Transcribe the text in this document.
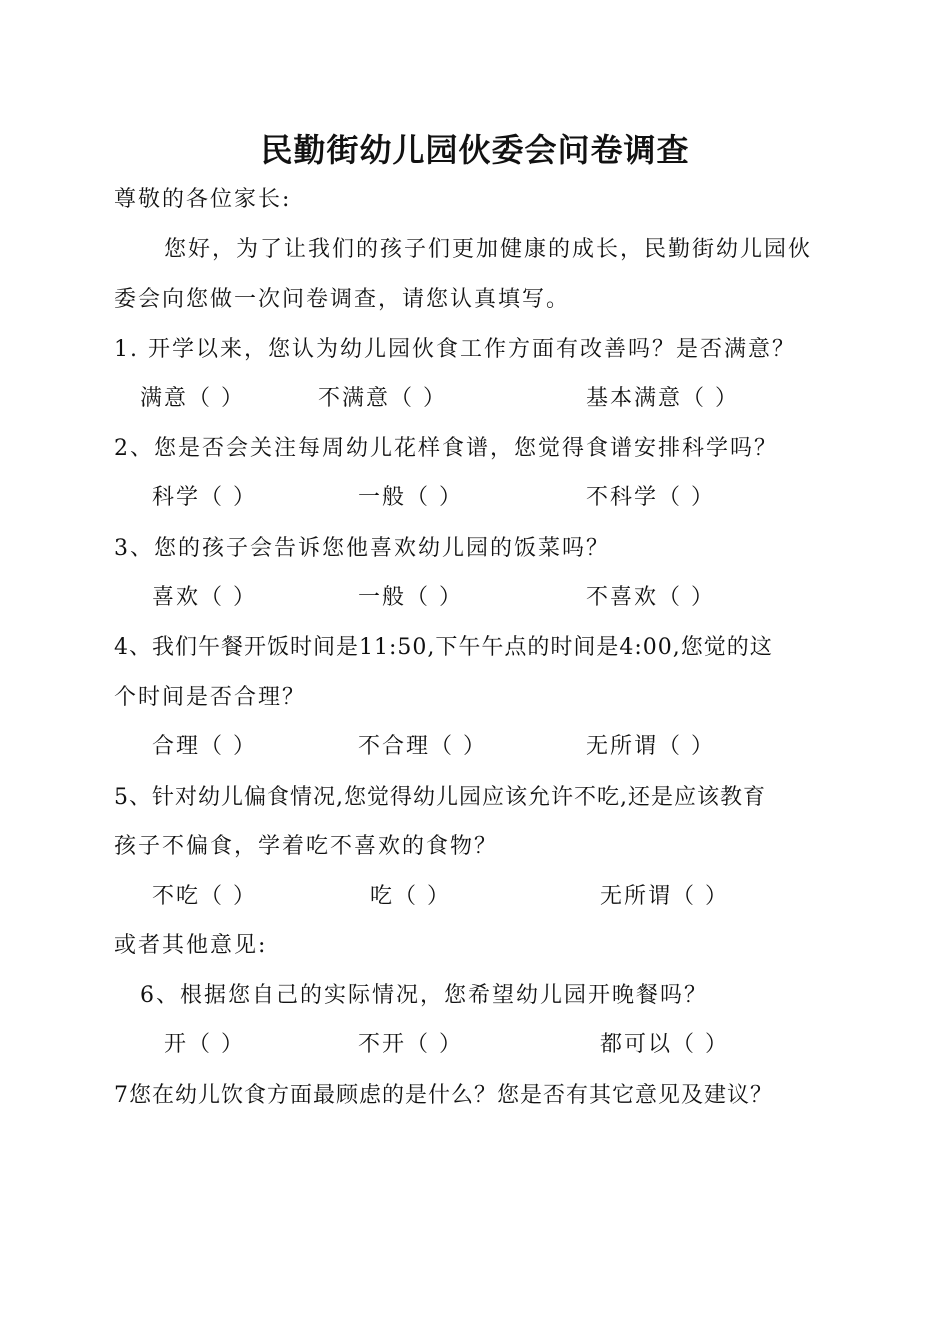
民勤街幼儿园伙委会问卷调查
尊敬的各位家长:
您好，为了让我们的孩子们更加健康的成长，民勤街幼儿园伙
委会向您做一次问卷调查，请您认真填写。
1. 开学以来，您认为幼儿园伙食工作方面有改善吗？是否满意？
满意（ ）	不满意（ ）	基本满意（ ）
2、您是否会关注每周幼儿花样食谱，您觉得食谱安排科学吗？
科学（ ）	一般（ ）	不科学（ ）
3、您的孩子会告诉您他喜欢幼儿园的饭菜吗？
喜欢（ ）	一般（ ）	不喜欢（ ）
4、我们午餐开饭时间是11:50,下午午点的时间是4:00,您觉的这
个时间是否合理？
合理（ ）	不合理（ ）	无所谓（ ）
5、针对幼儿偏食情况,您觉得幼儿园应该允许不吃,还是应该教育
孩子不偏食，学着吃不喜欢的食物？
不吃（ ）	吃（ ）	无所谓（ ）
或者其他意见:
6、根据您自己的实际情况，您希望幼儿园开晚餐吗？
开（ ）	不开（ ）	都可以（ ）
7您在幼儿饮食方面最顾虑的是什么？您是否有其它意见及建议？
